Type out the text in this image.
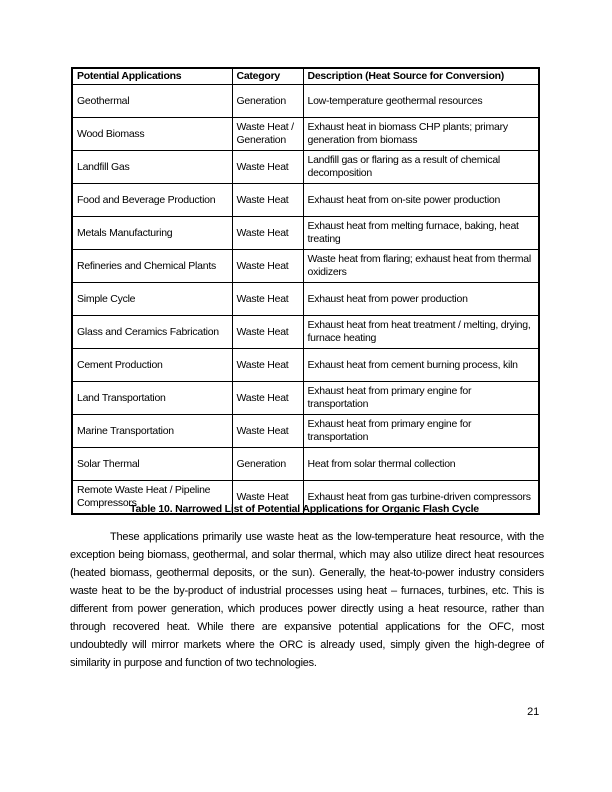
Potential Applications	Category	Description (Heat Source for Conversion)
Geothermal	Generation	Low-temperature geothermal resources
Wood Biomass	Waste Heat / Generation	Exhaust heat in biomass CHP plants; primary generation from biomass
Landfill Gas	Waste Heat	Landfill gas or flaring as a result of chemical decomposition
Food and Beverage Production	Waste Heat	Exhaust heat from on-site power production
Metals Manufacturing	Waste Heat	Exhaust heat from melting furnace, baking, heat treating
Refineries and Chemical Plants	Waste Heat	Waste heat from flaring; exhaust heat from thermal oxidizers
Simple Cycle	Waste Heat	Exhaust heat from power production
Glass and Ceramics Fabrication	Waste Heat	Exhaust heat from heat treatment / melting, drying, furnace heating
Cement Production	Waste Heat	Exhaust heat from cement burning process, kiln
Land Transportation	Waste Heat	Exhaust heat from primary engine for transportation
Marine Transportation	Waste Heat	Exhaust heat from primary engine for transportation
Solar Thermal	Generation	Heat from solar thermal collection
Remote Waste Heat / Pipeline Compressors	Waste Heat	Exhaust heat from gas turbine-driven compressors
Table 10. Narrowed List of Potential Applications for Organic Flash Cycle

These applications primarily use waste heat as the low-temperature heat resource, with the exception being biomass, geothermal, and solar thermal, which may also utilize direct heat resources (heated biomass, geothermal deposits, or the sun). Generally, the heat-to-power industry considers waste heat to be the by-product of industrial processes using heat – furnaces, turbines, etc. This is different from power generation, which produces power directly using a heat resource, rather than through recovered heat. While there are expansive potential applications for the OFC, most undoubtedly will mirror markets where the ORC is already used, simply given the high-degree of similarity in purpose and function of two technologies.

21
